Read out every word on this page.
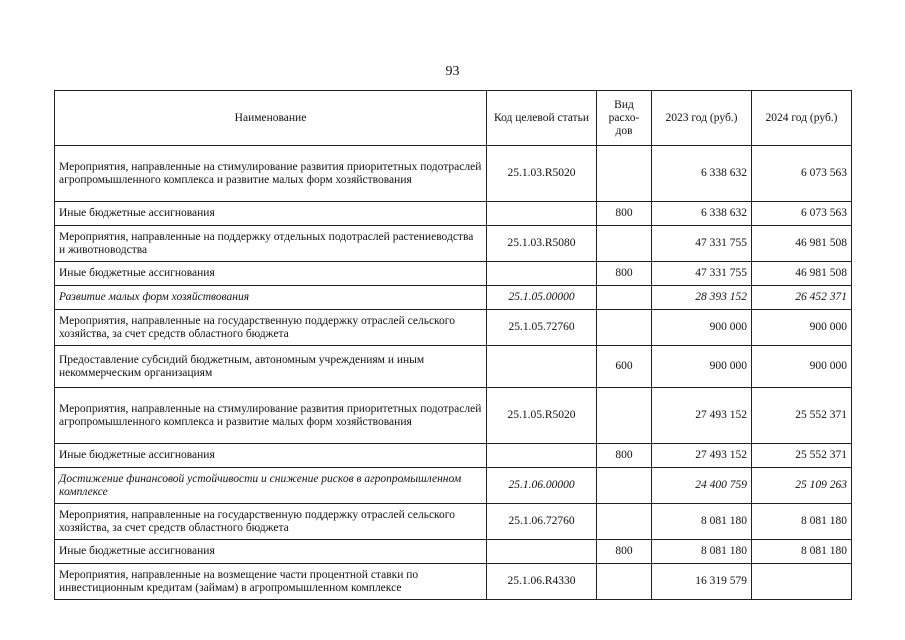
93
Наименование	Код целевой статьи	Вид расхо-дов	2023 год (руб.)	2024 год (руб.)
Мероприятия, направленные на стимулирование развития приоритетных подотраслей агропромышленного комплекса и развитие малых форм хозяйствования	25.1.03.R5020		6 338 632	6 073 563
Иные бюджетные ассигнования		800	6 338 632	6 073 563
Мероприятия, направленные на поддержку отдельных подотраслей растениеводства и животноводства	25.1.03.R5080		47 331 755	46 981 508
Иные бюджетные ассигнования		800	47 331 755	46 981 508
Развитие малых форм хозяйствования	25.1.05.00000		28 393 152	26 452 371
Мероприятия, направленные на государственную поддержку отраслей сельского хозяйства, за счет средств областного бюджета	25.1.05.72760		900 000	900 000
Предоставление субсидий бюджетным, автономным учреждениям и иным некоммерческим организациям		600	900 000	900 000
Мероприятия, направленные на стимулирование развития приоритетных подотраслей агропромышленного комплекса и развитие малых форм хозяйствования	25.1.05.R5020		27 493 152	25 552 371
Иные бюджетные ассигнования		800	27 493 152	25 552 371
Достижение финансовой устойчивости и снижение рисков в агропромышленном комплексе	25.1.06.00000		24 400 759	25 109 263
Мероприятия, направленные на государственную поддержку отраслей сельского хозяйства, за счет средств областного бюджета	25.1.06.72760		8 081 180	8 081 180
Иные бюджетные ассигнования		800	8 081 180	8 081 180
Мероприятия, направленные на возмещение части процентной ставки по инвестиционным кредитам (займам) в агропромышленном комплексе	25.1.06.R4330		16 319 579	
